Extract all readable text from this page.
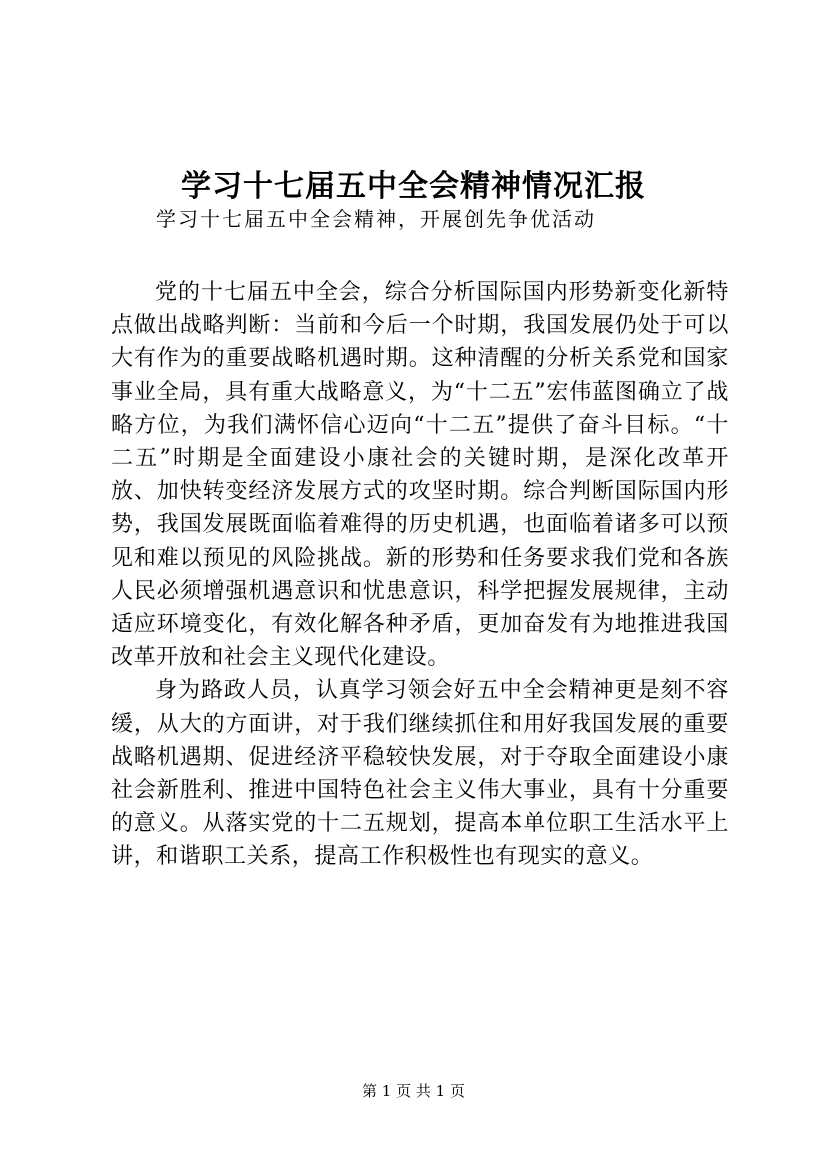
学习十七届五中全会精神情况汇报
学习十七届五中全会精神，开展创先争优活动

党的十七届五中全会，综合分析国际国内形势新变化新特点做出战略判断：当前和今后一个时期，我国发展仍处于可以大有作为的重要战略机遇时期。这种清醒的分析关系党和国家事业全局，具有重大战略意义，为“十二五”宏伟蓝图确立了战略方位，为我们满怀信心迈向“十二五”提供了奋斗目标。“十二五”时期是全面建设小康社会的关键时期，是深化改革开放、加快转变经济发展方式的攻坚时期。综合判断国际国内形势，我国发展既面临着难得的历史机遇，也面临着诸多可以预见和难以预见的风险挑战。新的形势和任务要求我们党和各族人民必须增强机遇意识和忧患意识，科学把握发展规律，主动适应环境变化，有效化解各种矛盾，更加奋发有为地推进我国改革开放和社会主义现代化建设。

身为路政人员，认真学习领会好五中全会精神更是刻不容缓，从大的方面讲，对于我们继续抓住和用好我国发展的重要战略机遇期、促进经济平稳较快发展，对于夺取全面建设小康社会新胜利、推进中国特色社会主义伟大事业，具有十分重要的意义。从落实党的十二五规划，提高本单位职工生活水平上讲，和谐职工关系，提高工作积极性也有现实的意义。

第 1 页 共 1 页
